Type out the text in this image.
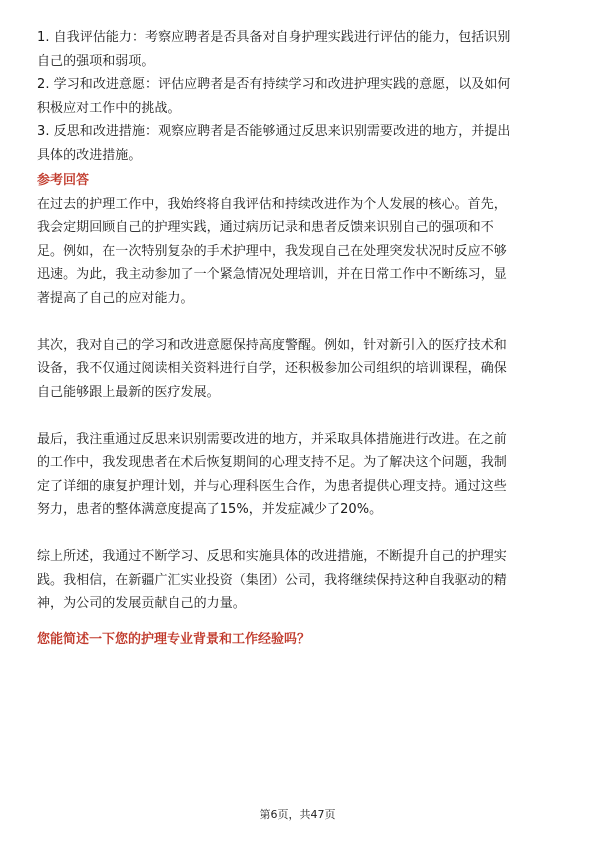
1. 自我评估能力：考察应聘者是否具备对自身护理实践进行评估的能力，包括识别
自己的强项和弱项。
2. 学习和改进意愿：评估应聘者是否有持续学习和改进护理实践的意愿，以及如何
积极应对工作中的挑战。
3. 反思和改进措施：观察应聘者是否能够通过反思来识别需要改进的地方，并提出
具体的改进措施。
参考回答
在过去的护理工作中，我始终将自我评估和持续改进作为个人发展的核心。首先，
我会定期回顾自己的护理实践，通过病历记录和患者反馈来识别自己的强项和不
足。例如，在一次特别复杂的手术护理中，我发现自己在处理突发状况时反应不够
迅速。为此，我主动参加了一个紧急情况处理培训，并在日常工作中不断练习，显
著提高了自己的应对能力。
其次，我对自己的学习和改进意愿保持高度警醒。例如，针对新引入的医疗技术和
设备，我不仅通过阅读相关资料进行自学，还积极参加公司组织的培训课程，确保
自己能够跟上最新的医疗发展。
最后，我注重通过反思来识别需要改进的地方，并采取具体措施进行改进。在之前
的工作中，我发现患者在术后恢复期间的心理支持不足。为了解决这个问题，我制
定了详细的康复护理计划，并与心理科医生合作，为患者提供心理支持。通过这些
努力，患者的整体满意度提高了15%，并发症减少了20%。
综上所述，我通过不断学习、反思和实施具体的改进措施，不断提升自己的护理实
践。我相信，在新疆广汇实业投资（集团）公司，我将继续保持这种自我驱动的精
神，为公司的发展贡献自己的力量。
您能简述一下您的护理专业背景和工作经验吗？
第6页，共47页
